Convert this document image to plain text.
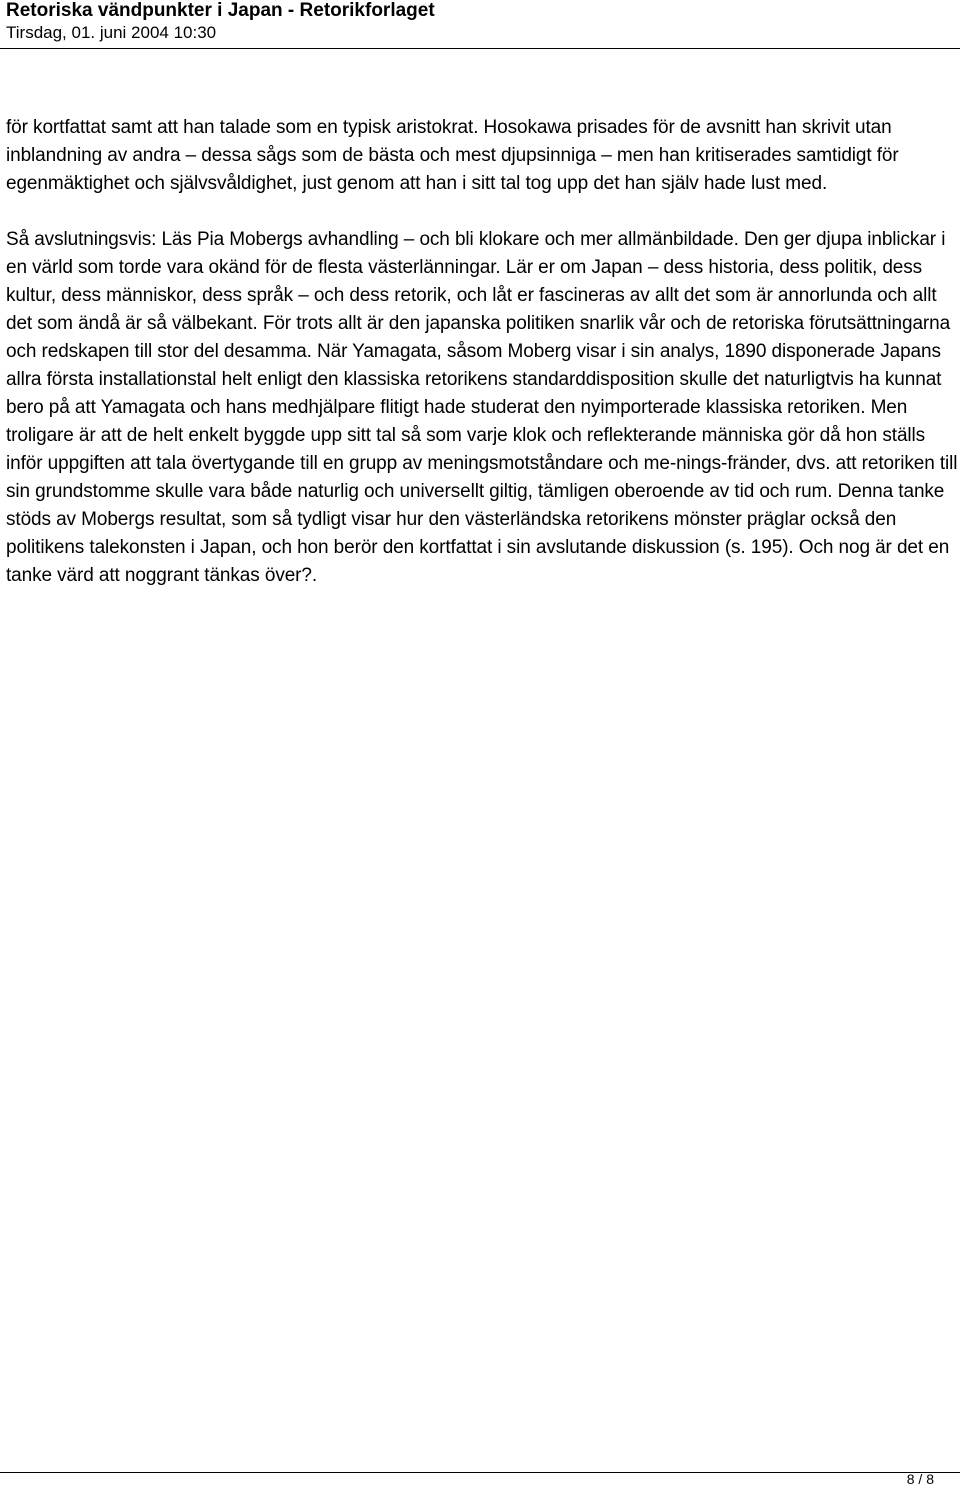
Retoriska vändpunkter i Japan - Retorikforlaget
Tirsdag, 01. juni 2004 10:30

för kortfattat samt att han talade som en typisk aristokrat. Hosokawa prisades för de avsnitt han skrivit utan inblandning av andra – dessa sågs som de bästa och mest djupsinniga – men han kritiserades samtidigt för egenmäktighet och självsvåldighet, just genom att han i sitt tal tog upp det han själv hade lust med.

Så avslutningsvis: Läs Pia Mobergs avhandling – och bli klokare och mer allmänbildade. Den ger djupa inblickar i en värld som torde vara okänd för de flesta västerlänningar. Lär er om Japan – dess historia, dess politik, dess kultur, dess människor, dess språk – och dess retorik, och låt er fascineras av allt det som är annorlunda och allt det som ändå är så välbekant. För trots allt är den japanska politiken snarlik vår och de retoriska förutsättningarna och redskapen till stor del desamma. När Yamagata, såsom Moberg visar i sin analys, 1890 disponerade Japans allra första installationstal helt enligt den klassiska retorikens standarddisposition skulle det naturligtvis ha kunnat bero på att Yamagata och hans medhjälpare flitigt hade studerat den nyimporterade klassiska retoriken. Men troligare är att de helt enkelt byggde upp sitt tal så som varje klok och reflekterande människa gör då hon ställs inför uppgiften att tala övertygande till en grupp av meningsmotståndare och me-nings-fränder, dvs. att retoriken till sin grundstomme skulle vara både naturlig och universellt giltig, tämligen oberoende av tid och rum. Denna tanke stöds av Mobergs resultat, som så tydligt visar hur den västerländska retorikens mönster präglar också den politikens talekonsten i Japan, och hon berör den kortfattat i sin avslutande diskussion (s. 195). Och nog är det en tanke värd att noggrant tänkas över?.

8 / 8
